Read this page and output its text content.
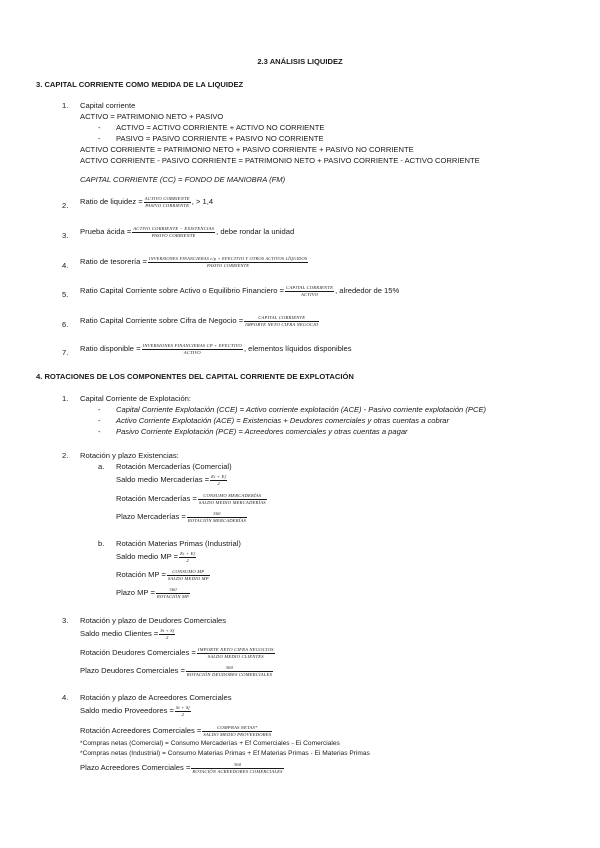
2.3 ANÁLISIS LIQUIDEZ
3. CAPITAL CORRIENTE COMO MEDIDA DE LA LIQUIDEZ
1. Capital corriente
ACTIVO = PATRIMONIO NETO + PASIVO
- ACTIVO = ACTIVO CORRIENTE + ACTIVO NO CORRIENTE
- PASIVO = PASIVO CORRIENTE + PASIVO NO CORRIENTE
ACTIVO CORRIENTE = PATRIMONIO NETO + PASIVO CORRIENTE + PASIVO NO CORRIENTE
ACTIVO CORRIENTE - PASIVO CORRIENTE = PATRIMONIO NETO + PASIVO CORRIENTE - ACTIVO CORRIENTE
CAPITAL CORRIENTE (CC) = FONDO DE MANIOBRA (FM)
2. Ratio de liquidez = ACTIVO CORRIENTE
PASIVO CORRIENTE , > 1,4
3. Prueba ácida = ACTIVO CORRIENTE − EXISTENCIAS
PASIVO CORRIENTE	, debe rondar la unidad
4. Ratio de tesorería = INVERSIONES FINANCIERAS c/p + EFECTIVO Y OTROS ACTIVOS LÍQUIDOS
PASIVO CORRIENTE
5. Ratio Capital Corriente sobre Activo o Equilibrio Financiero = CAPITAL CORRIENTE
ACTIVO	, alrededor de 15%
6. Ratio Capital Corriente sobre Cifra de Negocio =	CAPITAL CORRIENTE
IMPORTE NETO CIFRA NEGOCIO
7. Ratio disponible = INVERSIONES FINANCIERAS CP + EFECTIVO
ACTIVO	, elementos líquidos disponibles
4. ROTACIONES DE LOS COMPONENTES DEL CAPITAL CORRIENTE DE EXPLOTACIÓN
1. Capital Corriente de Explotación:
- Capital Corriente Explotación (CCE) = Activo corriente explotación (ACE) - Pasivo corriente explotación (PCE)
- Activo Corriente Explotación (ACE) = Existencias + Deudores comerciales y otras cuentas a cobrar
- Pasivo Corriente Explotación (PCE) = Acreedores comerciales y otras cuentas a pagar
2. Rotación y plazo Existencias:
a. Rotación Mercaderías (Comercial)
Saldo medio Mercaderías = $\frac{Ei + Ef}{2}$
Rotación Mercaderías =	CONSUMO MERCADERÍAS
SALDO MEDIO MERCADERÍAS
Plazo Mercaderías =	360
ROTACIÓN MERCADERÍAS
b. Rotación Materias Primas (Industrial)
Saldo medio MP = $\frac{Ei + Ef}{2}$
Rotación MP =	CONSUMO MP
SALDO MEDIO MP
Plazo MP =	360
ROTACIÓN MP
3. Rotación y plazo de Deudores Comerciales
Saldo medio Clientes = $\frac{Si + Sf}{2}$
Rotación Deudores Comerciales = IMPORTE NETO CIFRA NEGOCIOS
SALDO MEDIO CLIENTES
Plazo Deudores Comerciales =	360
ROTACIÓN DEUDORES COMERCIALES
4. Rotación y plazo de Acreedores Comerciales
Saldo medio Proveedores = $\frac{Si + Sf}{2}$
Rotación Acreedores Comerciales =	COMPRAS NETAS*
SALDO MEDIO PROVEEDORES
*Compras netas (Comercial) = Consumo Mercaderías + Ef Comerciales - Ei Comerciales
*Compras netas (Industrial) = Consumo Materias Primas + Ef Materias Primas - Ei Materias Primas
Plazo Acreedores Comerciales =	360
ROTACIÓN ACREEDORES COMERCIALES
